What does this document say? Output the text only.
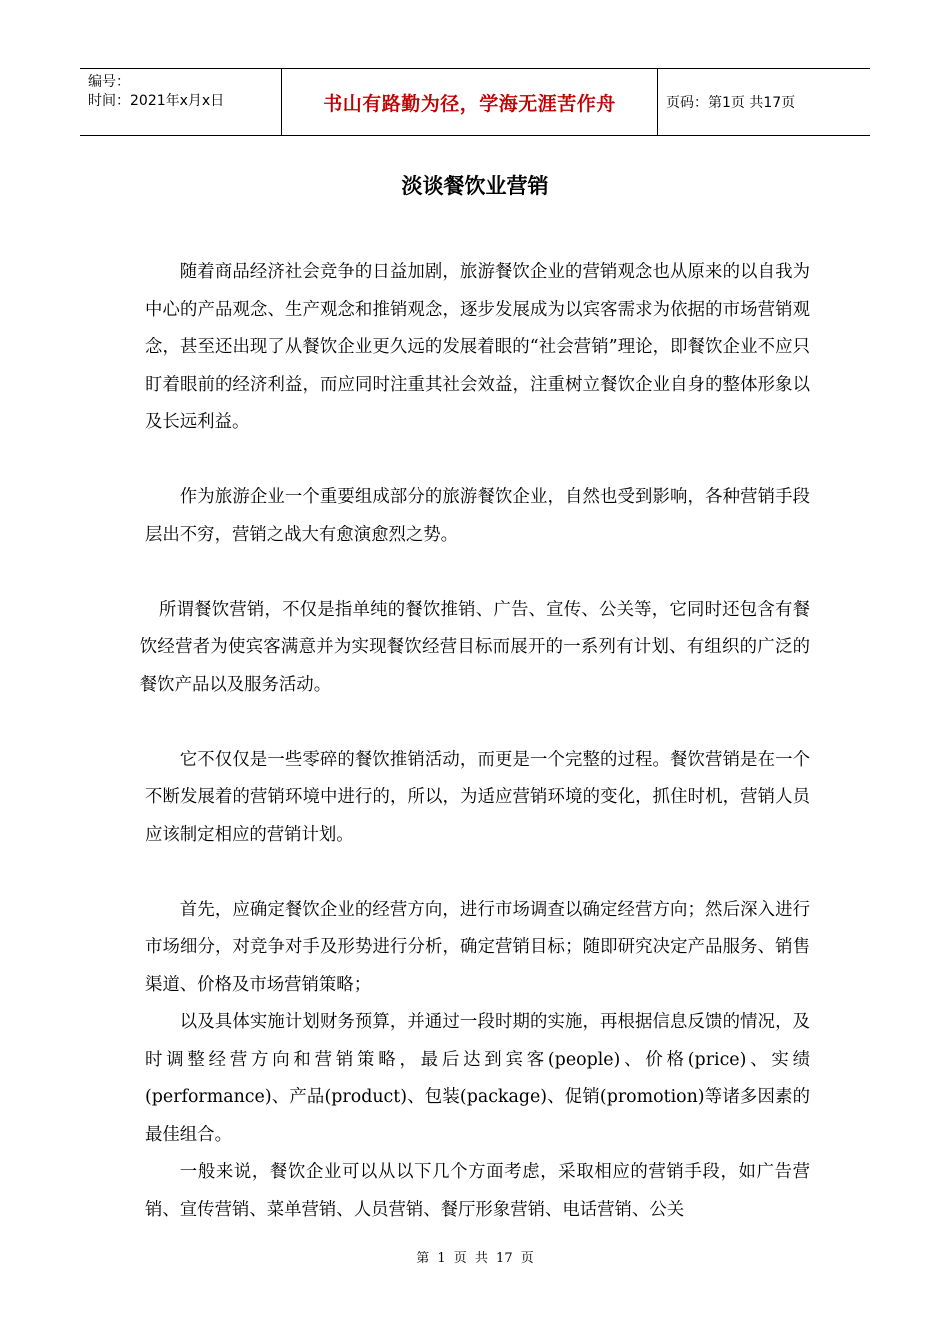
编号：
时间：2021年x月x日	书山有路勤为径，学海无涯苦作舟	页码：第1页 共17页
淡谈餐饮业营销

随着商品经济社会竞争的日益加剧，旅游餐饮企业的营销观念也从原来的以自我为中心的产品观念、生产观念和推销观念，逐步发展成为以宾客需求为依据的市场营销观念，甚至还出现了从餐饮企业更久远的发展着眼的“社会营销”理论，即餐饮企业不应只盯着眼前的经济利益，而应同时注重其社会效益，注重树立餐饮企业自身的整体形象以及长远利益。

作为旅游企业一个重要组成部分的旅游餐饮企业，自然也受到影响，各种营销手段层出不穷，营销之战大有愈演愈烈之势。

所谓餐饮营销，不仅是指单纯的餐饮推销、广告、宣传、公关等，它同时还包含有餐饮经营者为使宾客满意并为实现餐饮经营目标而展开的一系列有计划、有组织的广泛的餐饮产品以及服务活动。

它不仅仅是一些零碎的餐饮推销活动，而更是一个完整的过程。餐饮营销是在一个不断发展着的营销环境中进行的，所以，为适应营销环境的变化，抓住时机，营销人员应该制定相应的营销计划。

首先，应确定餐饮企业的经营方向，进行市场调查以确定经营方向；然后深入进行市场细分，对竞争对手及形势进行分析，确定营销目标；随即研究决定产品服务、销售渠道、价格及市场营销策略；

以及具体实施计划财务预算，并通过一段时期的实施，再根据信息反馈的情况，及时调整经营方向和营销策略，最后达到宾客(people)、价格(price)、实绩(performance)、产品(product)、包装(package)、促销(promotion)等诸多因素的最佳组合。

一般来说，餐饮企业可以从以下几个方面考虑，采取相应的营销手段，如广告营销、宣传营销、菜单营销、人员营销、餐厅形象营销、电话营销、公关

第 1 页 共 17 页
